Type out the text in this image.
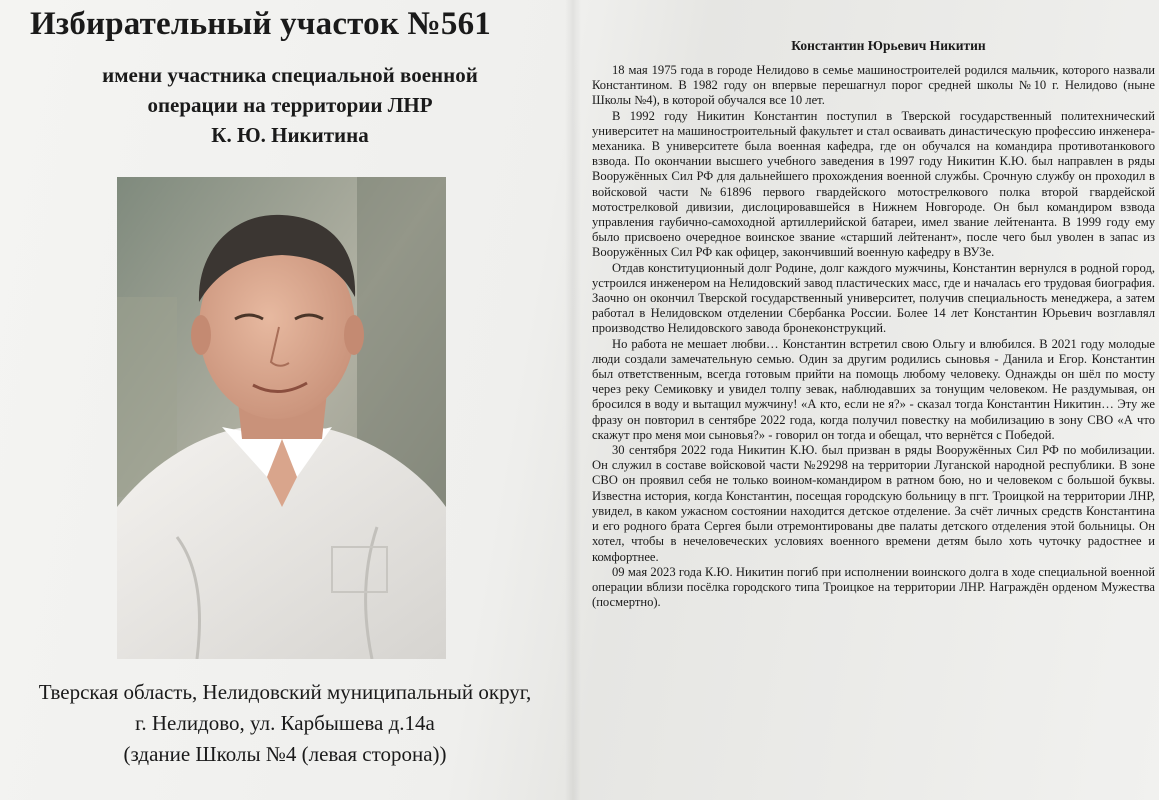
Избирательный участок №561
имени участника специальной военной
операции на территории ЛНР
К. Ю. Никитина
Тверская область, Нелидовский муниципальный округ,
г. Нелидово, ул. Карбышева д.14а
(здание Школы №4 (левая сторона))
Константин Юрьевич Никитин

18 мая 1975 года в городе Нелидово в семье машиностроителей родился мальчик, которого назвали Константином. В 1982 году он впервые перешагнул порог средней школы №10 г. Нелидово (ныне Школы №4), в которой обучался все 10 лет.

В 1992 году Никитин Константин поступил в Тверской государственный политехнический университет на машиностроительный факультет и стал осваивать династическую профессию инженера-механика. В университете была военная кафедра, где он обучался на командира противотанкового взвода. По окончании высшего учебного заведения в 1997 году Никитин К.Ю. был направлен в ряды Вооружённых Сил РФ для дальнейшего прохождения военной службы. Срочную службу он проходил в войсковой части №61896 первого гвардейского мотострелкового полка второй гвардейской мотострелковой дивизии, дислоцировавшейся в Нижнем Новгороде. Он был командиром взвода управления гаубично-самоходной артиллерийской батареи, имел звание лейтенанта. В 1999 году ему было присвоено очередное воинское звание «старший лейтенант», после чего был уволен в запас из Вооружённых Сил РФ как офицер, закончивший военную кафедру в ВУЗе.

Отдав конституционный долг Родине, долг каждого мужчины, Константин вернулся в родной город, устроился инженером на Нелидовский завод пластических масс, где и началась его трудовая биография. Заочно он окончил Тверской государственный университет, получив специальность менеджера, а затем работал в Нелидовском отделении Сбербанка России. Более 14 лет Константин Юрьевич возглавлял производство Нелидовского завода бронеконструкций.

Но работа не мешает любви… Константин встретил свою Ольгу и влюбился. В 2021 году молодые люди создали замечательную семью. Один за другим родились сыновья - Данила и Егор. Константин был ответственным, всегда готовым прийти на помощь любому человеку. Однажды он шёл по мосту через реку Семиковку и увидел толпу зевак, наблюдавших за тонущим человеком. Не раздумывая, он бросился в воду и вытащил мужчину! «А кто, если не я?» - сказал тогда Константин Никитин… Эту же фразу он повторил в сентябре 2022 года, когда получил повестку на мобилизацию в зону СВО «А что скажут про меня мои сыновья?» - говорил он тогда и обещал, что вернётся с Победой.

30 сентября 2022 года Никитин К.Ю. был призван в ряды Вооружённых Сил РФ по мобилизации. Он служил в составе войсковой части №29298 на территории Луганской народной республики. В зоне СВО он проявил себя не только воином-командиром в ратном бою, но и человеком с большой буквы. Известна история, когда Константин, посещая городскую больницу в пгт. Троицкой на территории ЛНР, увидел, в каком ужасном состоянии находится детское отделение. За счёт личных средств Константина и его родного брата Сергея были отремонтированы две палаты детского отделения этой больницы. Он хотел, чтобы в нечеловеческих условиях военного времени детям было хоть чуточку радостнее и комфортнее.

09 мая 2023 года К.Ю. Никитин погиб при исполнении воинского долга в ходе специальной военной операции вблизи посёлка городского типа Троицкое на территории ЛНР. Награждён орденом Мужества (посмертно).
